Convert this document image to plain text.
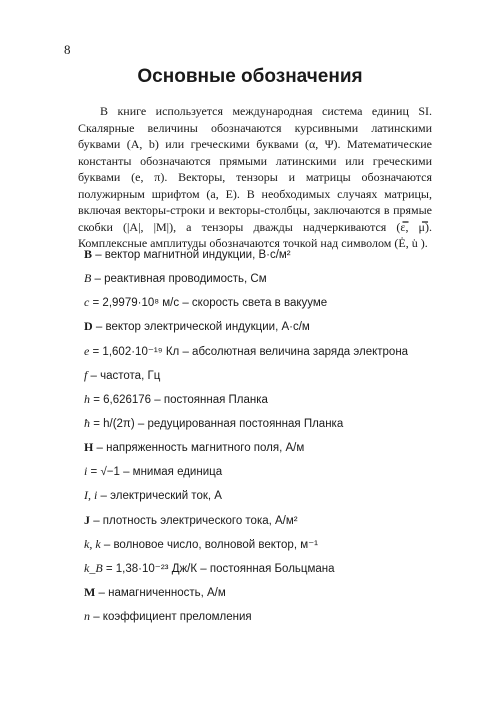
8
Основные обозначения

В книге используется международная система единиц SI. Скалярные величины обозначаются курсивными латинскими буквами (A, b) или греческими буквами (α, Ψ). Математические константы обозначаются прямыми латинскими или греческими буквами (e, π). Векторы, тензоры и матрицы обозначаются полужирным шрифтом (a, E). В необходимых случаях матрицы, включая векторы-строки и векторы-столбцы, заключаются в прямые скобки (|A|, |M|), а тензоры дважды надчеркиваются (ε̿, μ̿). Комплексные амплитуды обозначаются точкой над символом (Ė, u̇ ).

B – вектор магнитной индукции, В·с/м²
B – реактивная проводимость, См
c = 2,9979·10⁸ м/с – скорость света в вакууме
D – вектор электрической индукции, А·с/м
e = 1,602·10⁻¹⁹ Кл – абсолютная величина заряда электрона
f – частота, Гц
h = 6,626176 – постоянная Планка
ħ = h/(2π) – редуцированная постоянная Планка
H – напряженность магнитного поля, А/м
i = √−1 – мнимая единица
I, i – электрический ток, А
J – плотность электрического тока, А/м²
k, k – волновое число, волновой вектор, м⁻¹
k_B = 1,38·10⁻²³ Дж/К – постоянная Больцмана
M – намагниченность, А/м
n – коэффициент преломления
